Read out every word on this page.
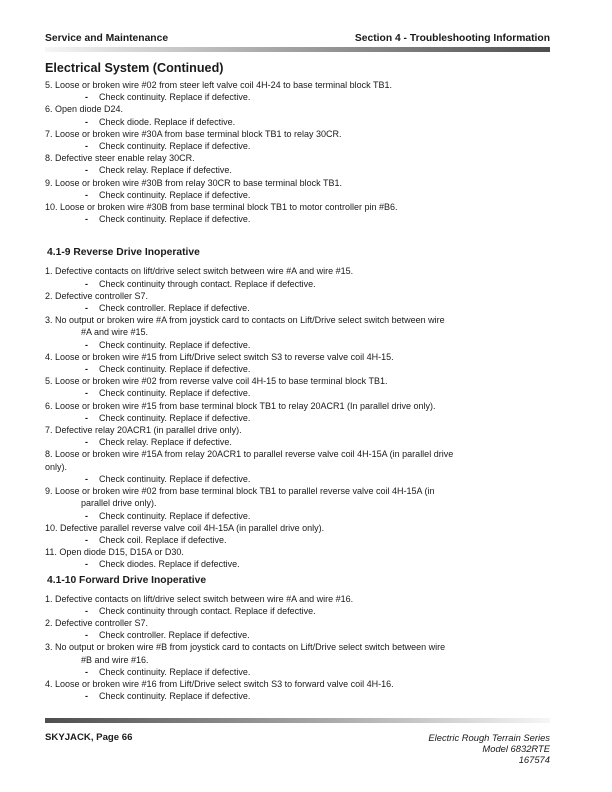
Service and Maintenance	Section 4 - Troubleshooting Information
Electrical System (Continued)
5. Loose or broken wire #02 from steer left valve coil 4H-24 to base terminal block TB1.
- Check continuity. Replace if defective.
6. Open diode D24.
- Check diode. Replace if defective.
7. Loose or broken wire #30A from base terminal block TB1 to relay 30CR.
- Check continuity. Replace if defective.
8. Defective steer enable relay 30CR.
- Check relay. Replace if defective.
9. Loose or broken wire #30B from relay 30CR to base terminal block TB1.
- Check continuity. Replace if defective.
10. Loose or broken wire #30B from base terminal block TB1 to motor controller pin #B6.
- Check continuity. Replace if defective.
4.1-9 Reverse Drive Inoperative
1. Defective contacts on lift/drive select switch between wire #A and wire #15.
- Check continuity through contact. Replace if defective.
2. Defective controller S7.
- Check controller. Replace if defective.
3. No output or broken wire #A from joystick card to contacts on Lift/Drive select switch between wire
#A and wire #15.
- Check continuity. Replace if defective.
4. Loose or broken wire #15 from Lift/Drive select switch S3 to reverse valve coil 4H-15.
- Check continuity. Replace if defective.
5. Loose or broken wire #02 from reverse valve coil 4H-15 to base terminal block TB1.
- Check continuity. Replace if defective.
6. Loose or broken wire #15 from base terminal block TB1 to relay 20ACR1 (In parallel drive only).
- Check continuity. Replace if defective.
7. Defective relay 20ACR1 (in parallel drive only).
- Check relay. Replace if defective.
8. Loose or broken wire #15A from relay 20ACR1 to parallel reverse valve coil 4H-15A (in parallel drive
only).
- Check continuity. Replace if defective.
9. Loose or broken wire #02 from base terminal block TB1 to parallel reverse valve coil 4H-15A (in
parallel drive only).
- Check continuity. Replace if defective.
10. Defective parallel reverse valve coil 4H-15A (in parallel drive only).
- Check coil. Replace if defective.
11. Open diode D15, D15A or D30.
- Check diodes. Replace if defective.
4.1-10 Forward Drive Inoperative
1. Defective contacts on lift/drive select switch between wire #A and wire #16.
- Check continuity through contact. Replace if defective.
2. Defective controller S7.
- Check controller. Replace if defective.
3. No output or broken wire #B from joystick card to contacts on Lift/Drive select switch between wire
#B and wire #16.
- Check continuity. Replace if defective.
4. Loose or broken wire #16 from Lift/Drive select switch S3 to forward valve coil 4H-16.
- Check continuity. Replace if defective.
SKYJACK, Page 66	Electric Rough Terrain Series
Model 6832RTE
167574
